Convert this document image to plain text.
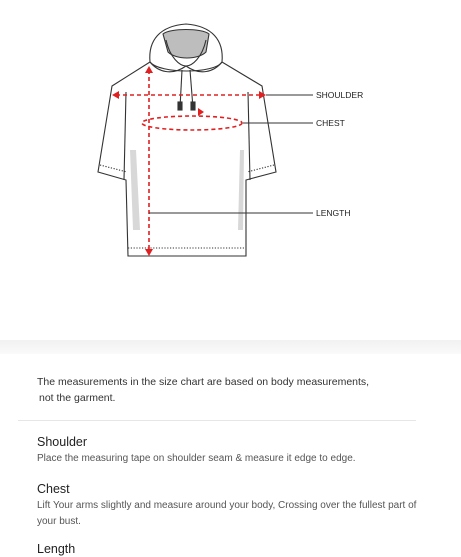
SHOULDER
CHEST
LENGTH
The measurements in the size chart are based on body measurements,
not the garment.
Shoulder
Place the measuring tape on shoulder seam & measure it edge to edge.
Chest
Lift Your arms slightly and measure around your body, Crossing over the fullest part of your bust.
Length
